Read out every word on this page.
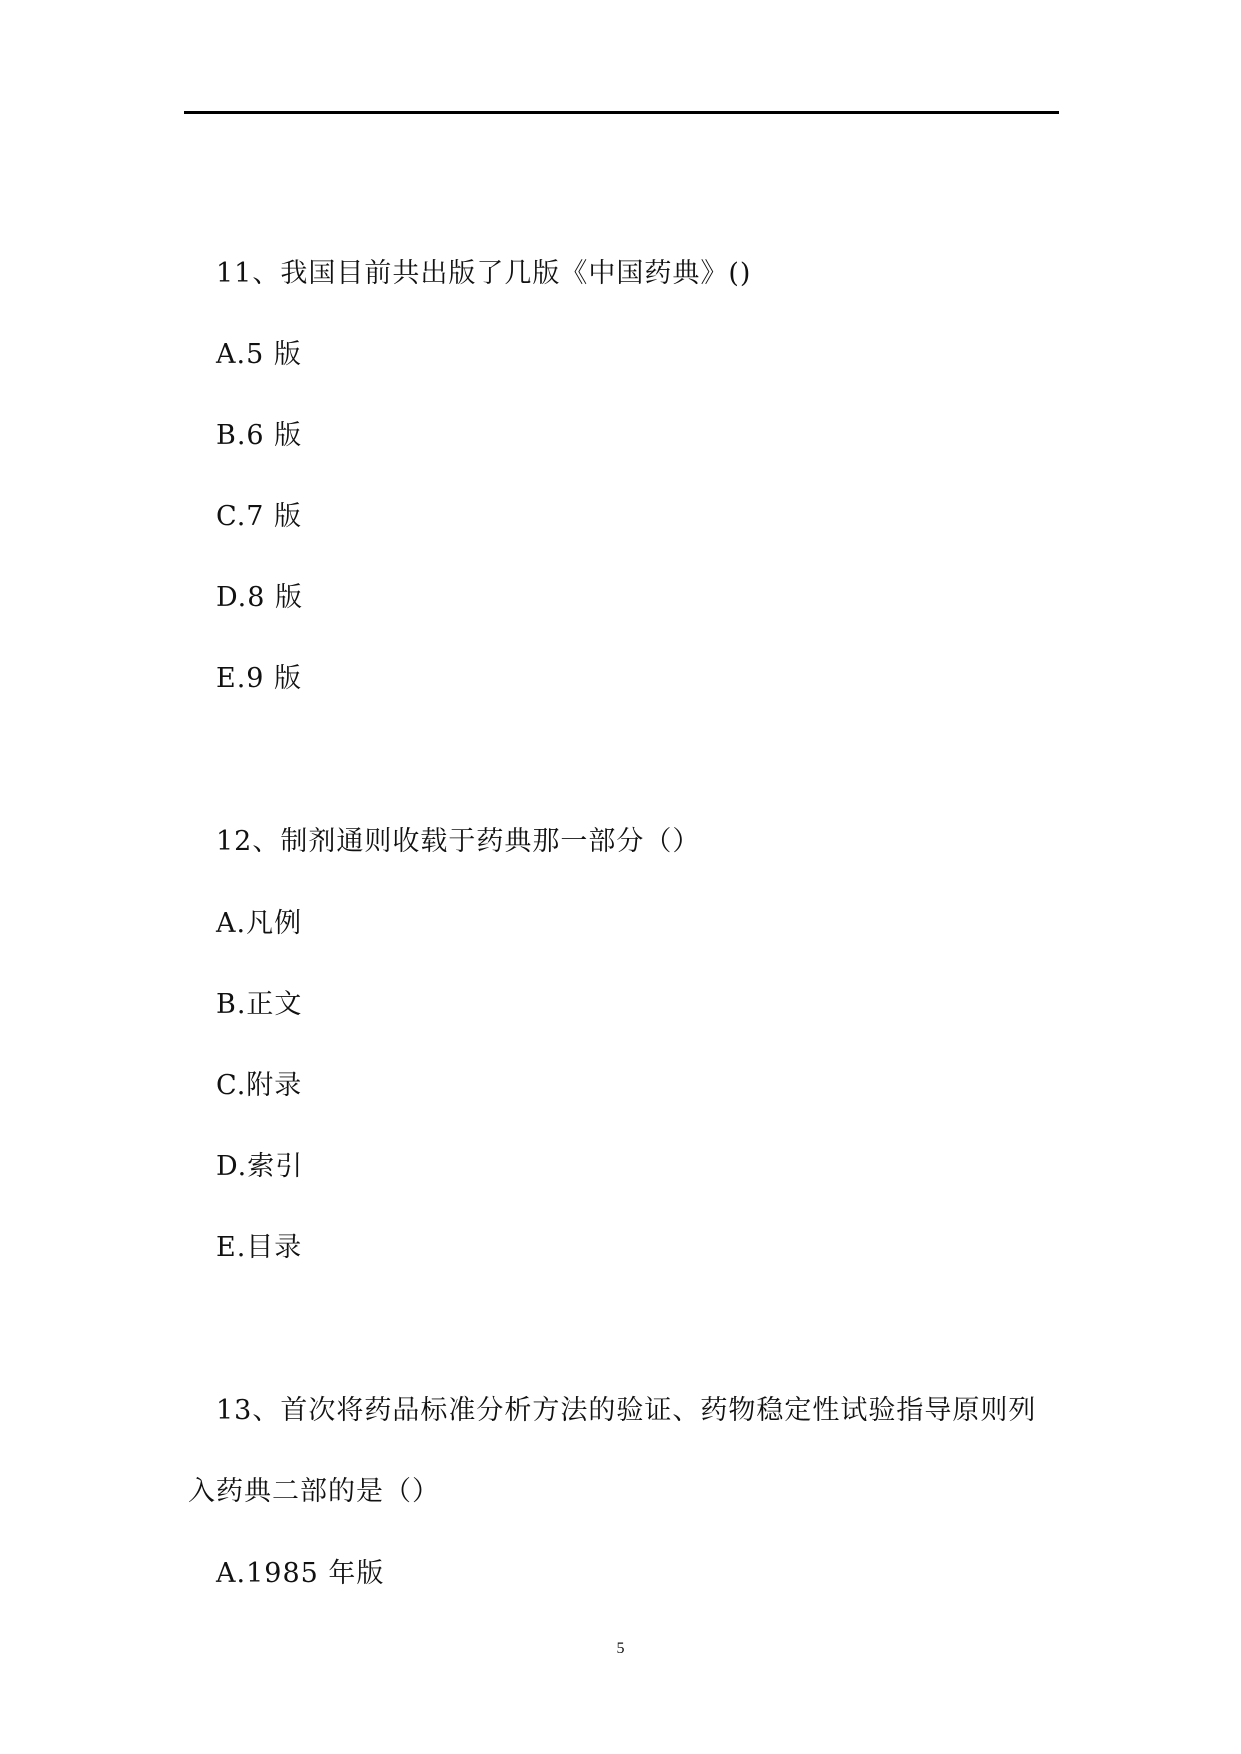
11、我国目前共出版了几版《中国药典》()
A.5 版
B.6 版
C.7 版
D.8 版
E.9 版
12、制剂通则收载于药典那一部分（）
A.凡例
B.正文
C.附录
D.索引
E.目录
13、首次将药品标准分析方法的验证、药物稳定性试验指导原则列
入药典二部的是（）
A.1985 年版
5
